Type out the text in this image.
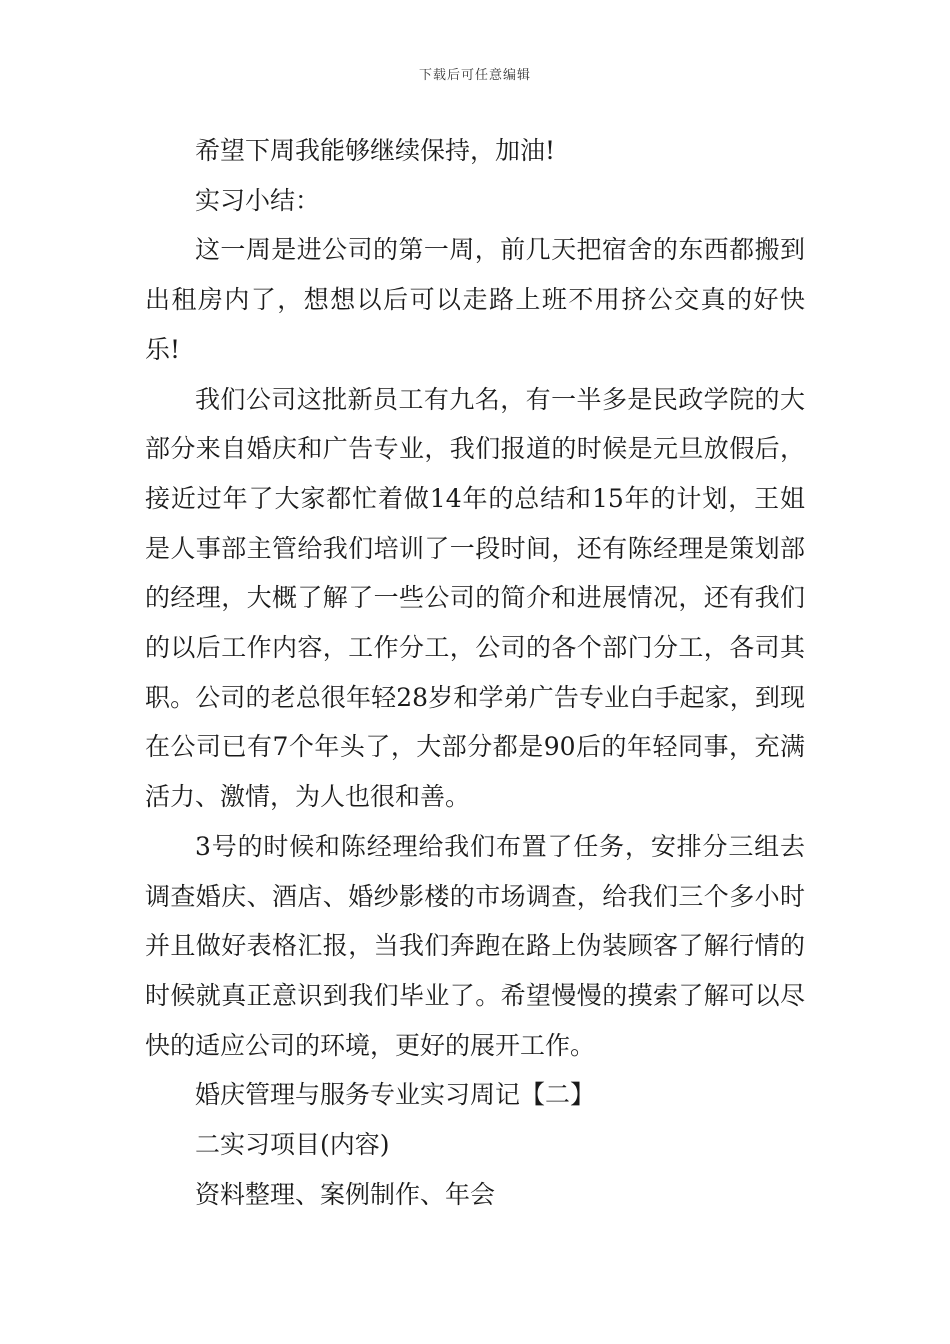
下载后可任意编辑

希望下周我能够继续保持，加油!

实习小结：

这一周是进公司的第一周，前几天把宿舍的东西都搬到出租房内了，想想以后可以走路上班不用挤公交真的好快乐!

我们公司这批新员工有九名，有一半多是民政学院的大部分来自婚庆和广告专业，我们报道的时候是元旦放假后，接近过年了大家都忙着做14年的总结和15年的计划，王姐是人事部主管给我们培训了一段时间，还有陈经理是策划部的经理，大概了解了一些公司的简介和进展情况，还有我们的以后工作内容，工作分工，公司的各个部门分工，各司其职。公司的老总很年轻28岁和学弟广告专业白手起家，到现在公司已有7个年头了，大部分都是90后的年轻同事，充满活力、激情，为人也很和善。

3号的时候和陈经理给我们布置了任务，安排分三组去调查婚庆、酒店、婚纱影楼的市场调查，给我们三个多小时并且做好表格汇报，当我们奔跑在路上伪装顾客了解行情的时候就真正意识到我们毕业了。希望慢慢的摸索了解可以尽快的适应公司的环境，更好的展开工作。

婚庆管理与服务专业实习周记【二】

二实习项目(内容)

资料整理、案例制作、年会
